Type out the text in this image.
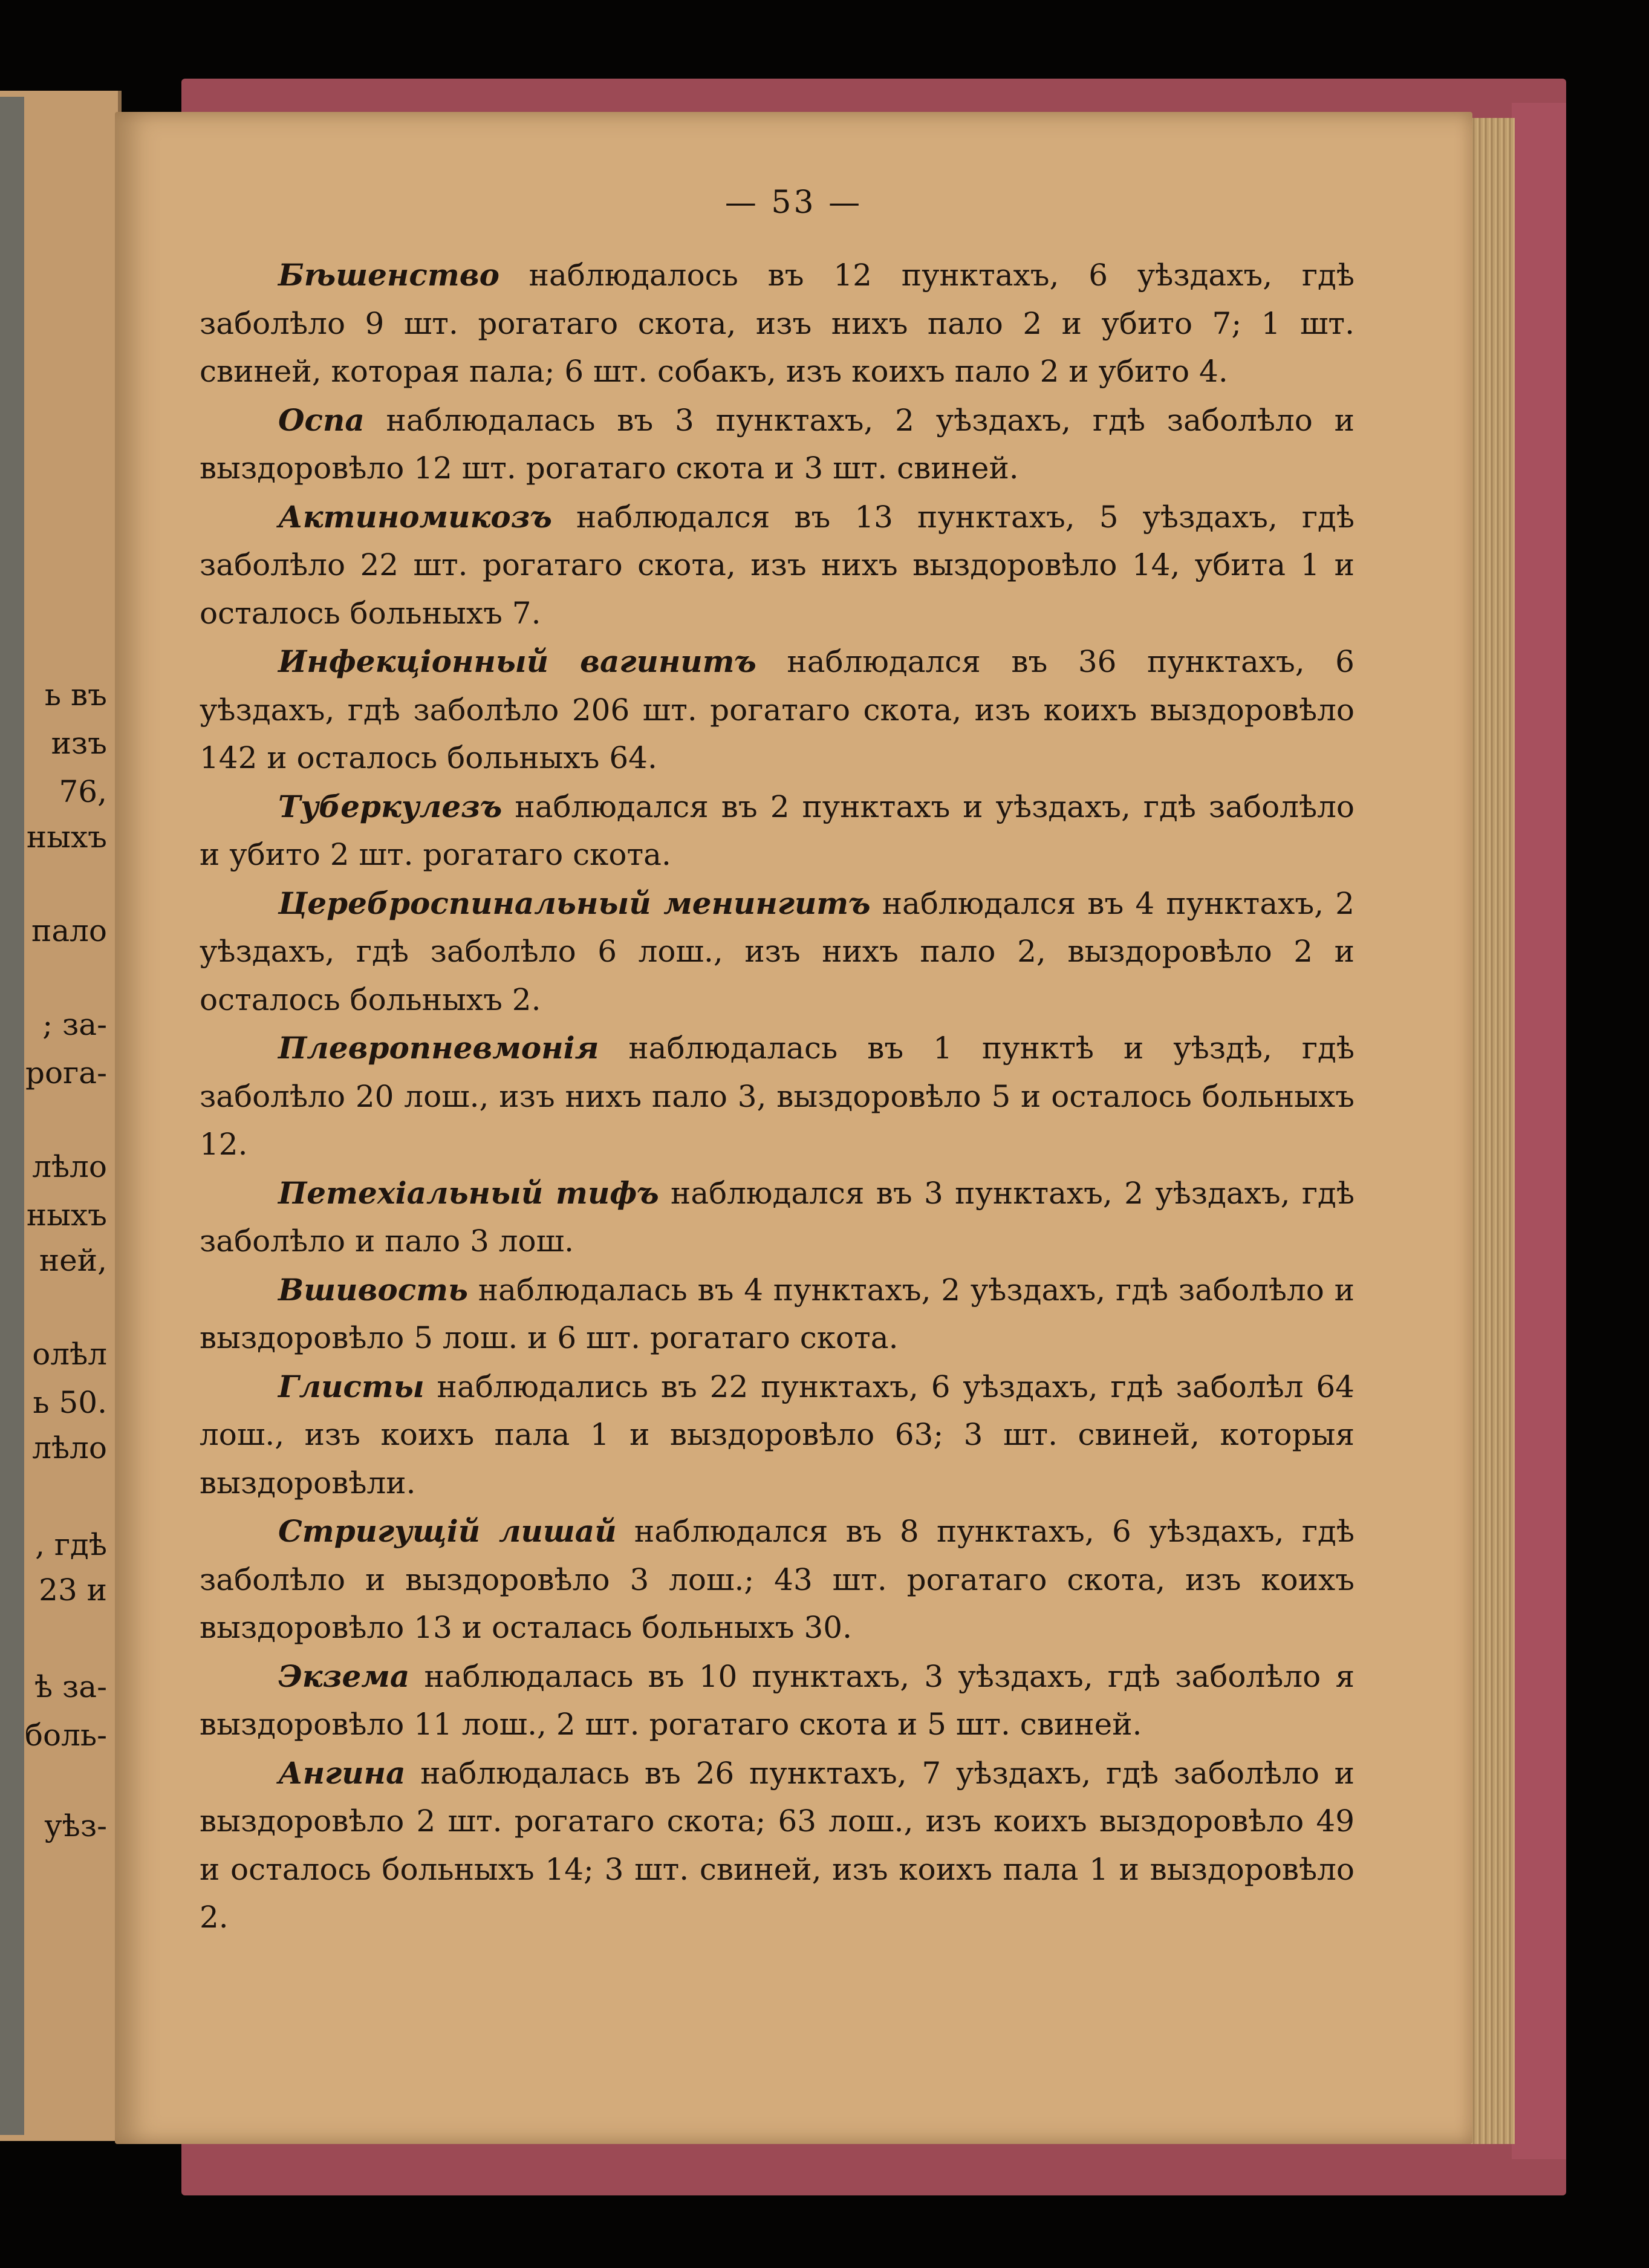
ь въ

изъ

76,

ныхъ

пало

; за-

рога-

лѣло

ныхъ

ней,

олѣл

ь 50.

лѣло

, гдѣ

23 и

ѣ за-

боль-

уѣз-

— 53 —

Бѣшенство наблюдалось въ 12 пунктахъ, 6 уѣздахъ, гдѣ заболѣло 9 шт. рогатаго скота, изъ нихъ пало 2 и убито 7; 1 шт. свиней, которая пала; 6 шт. собакъ, изъ коихъ пало 2 и убито 4.

Оспа наблюдалась въ 3 пунктахъ, 2 уѣздахъ, гдѣ заболѣло и выздоровѣло 12 шт. рогатаго скота и 3 шт. свиней.

Актиномикозъ наблюдался въ 13 пунктахъ, 5 уѣздахъ, гдѣ заболѣло 22 шт. рогатаго скота, изъ нихъ выздоровѣло 14, убита 1 и осталось больныхъ 7.

Инфекціонный вагинитъ наблюдался въ 36 пунктахъ, 6 уѣздахъ, гдѣ заболѣло 206 шт. рогатаго скота, изъ коихъ выздоровѣло 142 и осталось больныхъ 64.

Туберкулезъ наблюдался въ 2 пунктахъ и уѣздахъ, гдѣ заболѣло и убито 2 шт. рогатаго скота.

Цереброспинальный менингитъ наблюдался въ 4 пунктахъ, 2 уѣздахъ, гдѣ заболѣло 6 лош., изъ нихъ пало 2, выздоровѣло 2 и осталось больныхъ 2.

Плевропневмонія наблюдалась въ 1 пунктѣ и уѣздѣ, гдѣ заболѣло 20 лош., изъ нихъ пало 3, выздоровѣло 5 и осталось больныхъ 12.

Петехіальный тифъ наблюдался въ 3 пунктахъ, 2 уѣздахъ, гдѣ заболѣло и пало 3 лош.

Вшивость наблюдалась въ 4 пунктахъ, 2 уѣздахъ, гдѣ заболѣло и выздоровѣло 5 лош. и 6 шт. рогатаго скота.

Глисты наблюдались въ 22 пунктахъ, 6 уѣздахъ, гдѣ заболѣл 64 лош., изъ коихъ пала 1 и выздоровѣло 63; 3 шт. свиней, которыя выздоровѣли.

Стригущій лишай наблюдался въ 8 пунктахъ, 6 уѣздахъ, гдѣ заболѣло и выздоровѣло 3 лош.; 43 шт. рогатаго скота, изъ коихъ выздоровѣло 13 и осталась больныхъ 30.

Экзема наблюдалась въ 10 пунктахъ, 3 уѣздахъ, гдѣ заболѣло я выздоровѣло 11 лош., 2 шт. рогатаго скота и 5 шт. свиней.

Ангина наблюдалась въ 26 пунктахъ, 7 уѣздахъ, гдѣ заболѣло и выздоровѣло 2 шт. рогатаго скота; 63 лош., изъ коихъ выздоровѣло 49 и осталось больныхъ 14; 3 шт. свиней, изъ коихъ пала 1 и выздоровѣло 2.
